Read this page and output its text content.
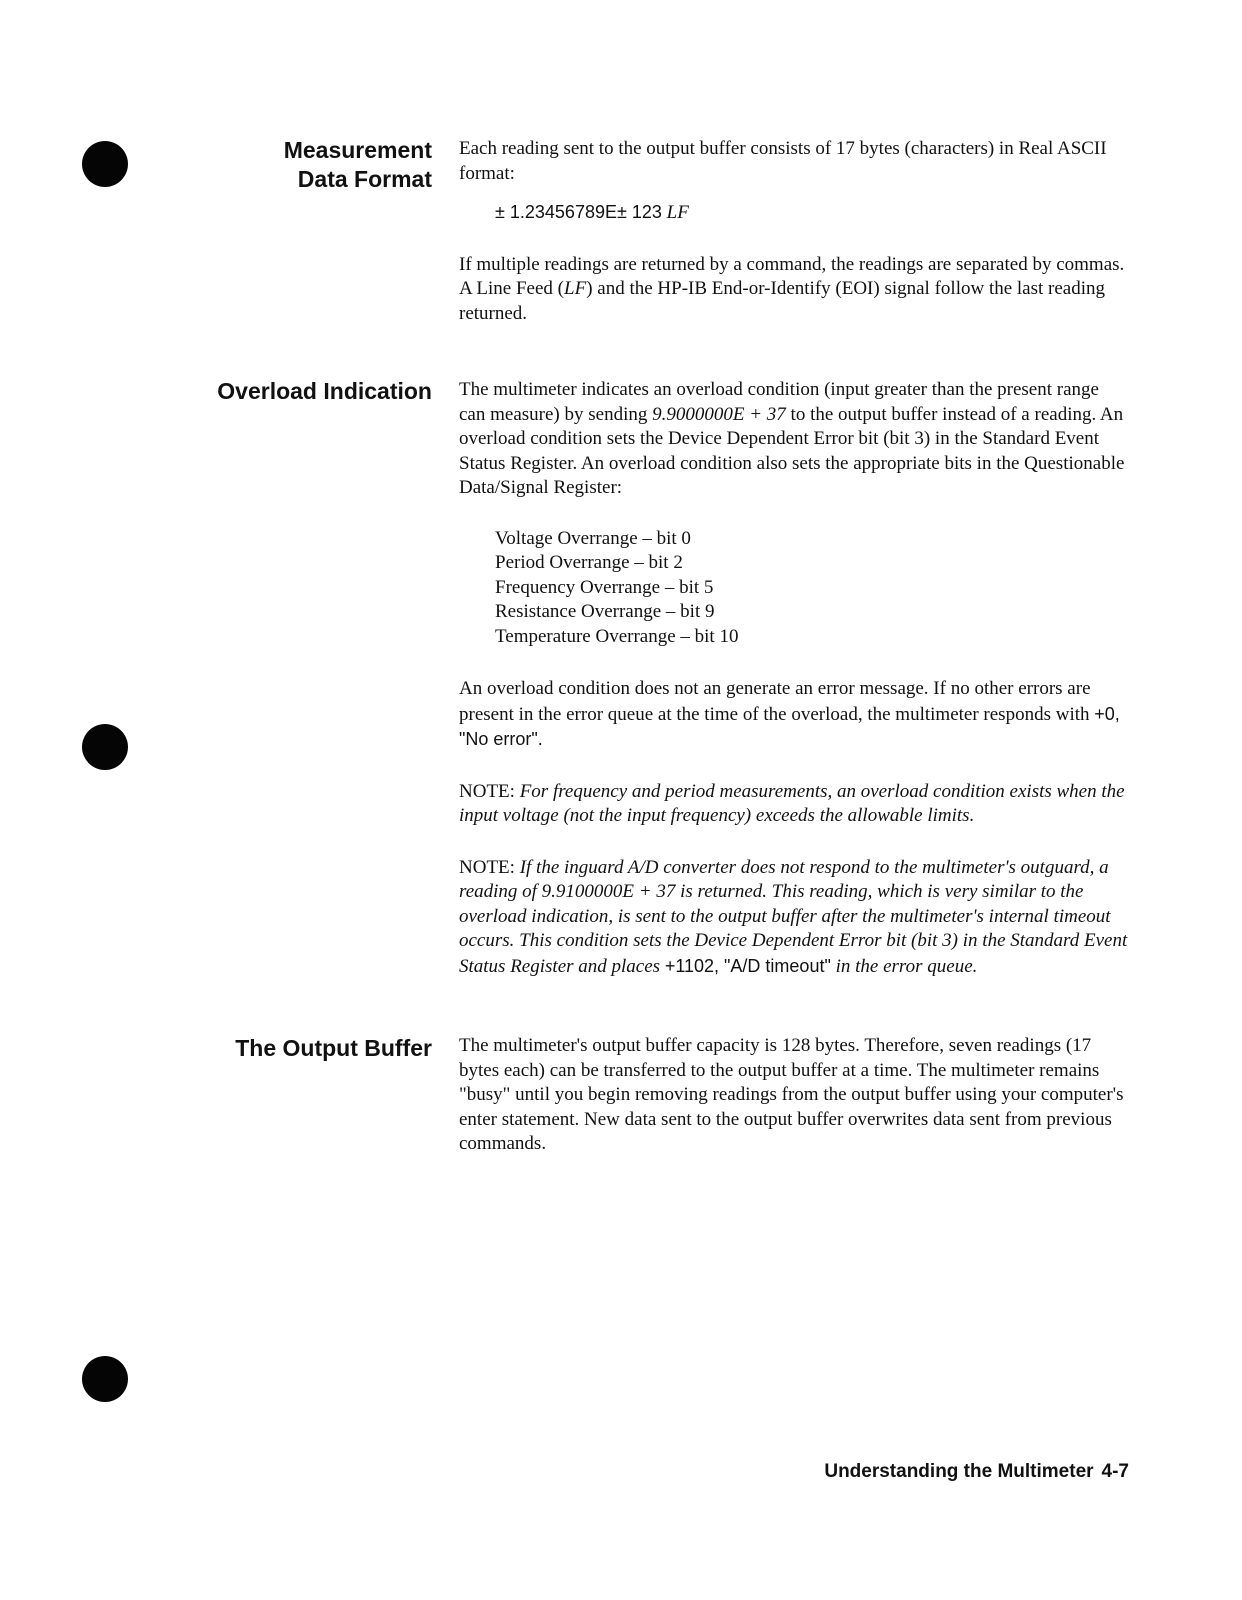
Measurement
Data Format

Each reading sent to the output buffer consists of 17 bytes (characters) in Real ASCII format:

± 1.23456789E± 123 LF

If multiple readings are returned by a command, the readings are separated by commas. A Line Feed (LF) and the HP-IB End-or-Identify (EOI) signal follow the last reading returned.

Overload Indication The multimeter indicates an overload condition (input greater than the present range can measure) by sending 9.9000000E + 37 to the output buffer instead of a reading. An overload condition sets the Device Dependent Error bit (bit 3) in the Standard Event Status Register. An overload condition also sets the appropriate bits in the Questionable Data/Signal Register:

Voltage Overrange – bit 0
Period Overrange – bit 2
Frequency Overrange – bit 5
Resistance Overrange – bit 9
Temperature Overrange – bit 10

An overload condition does not an generate an error message. If no other errors are present in the error queue at the time of the overload, the multimeter responds with +0, "No error".

NOTE: For frequency and period measurements, an overload condition exists when the input voltage (not the input frequency) exceeds the allowable limits.

NOTE: If the inguard A/D converter does not respond to the multimeter's outguard, a reading of 9.9100000E + 37 is returned. This reading, which is very similar to the overload indication, is sent to the output buffer after the multimeter's internal timeout occurs. This condition sets the Device Dependent Error bit (bit 3) in the Standard Event Status Register and places +1102, "A/D timeout" in the error queue.

The Output Buffer The multimeter's output buffer capacity is 128 bytes. Therefore, seven readings (17 bytes each) can be transferred to the output buffer at a time. The multimeter remains "busy" until you begin removing readings from the output buffer using your computer's enter statement. New data sent to the output buffer overwrites data sent from previous commands.

Understanding the Multimeter 4-7
